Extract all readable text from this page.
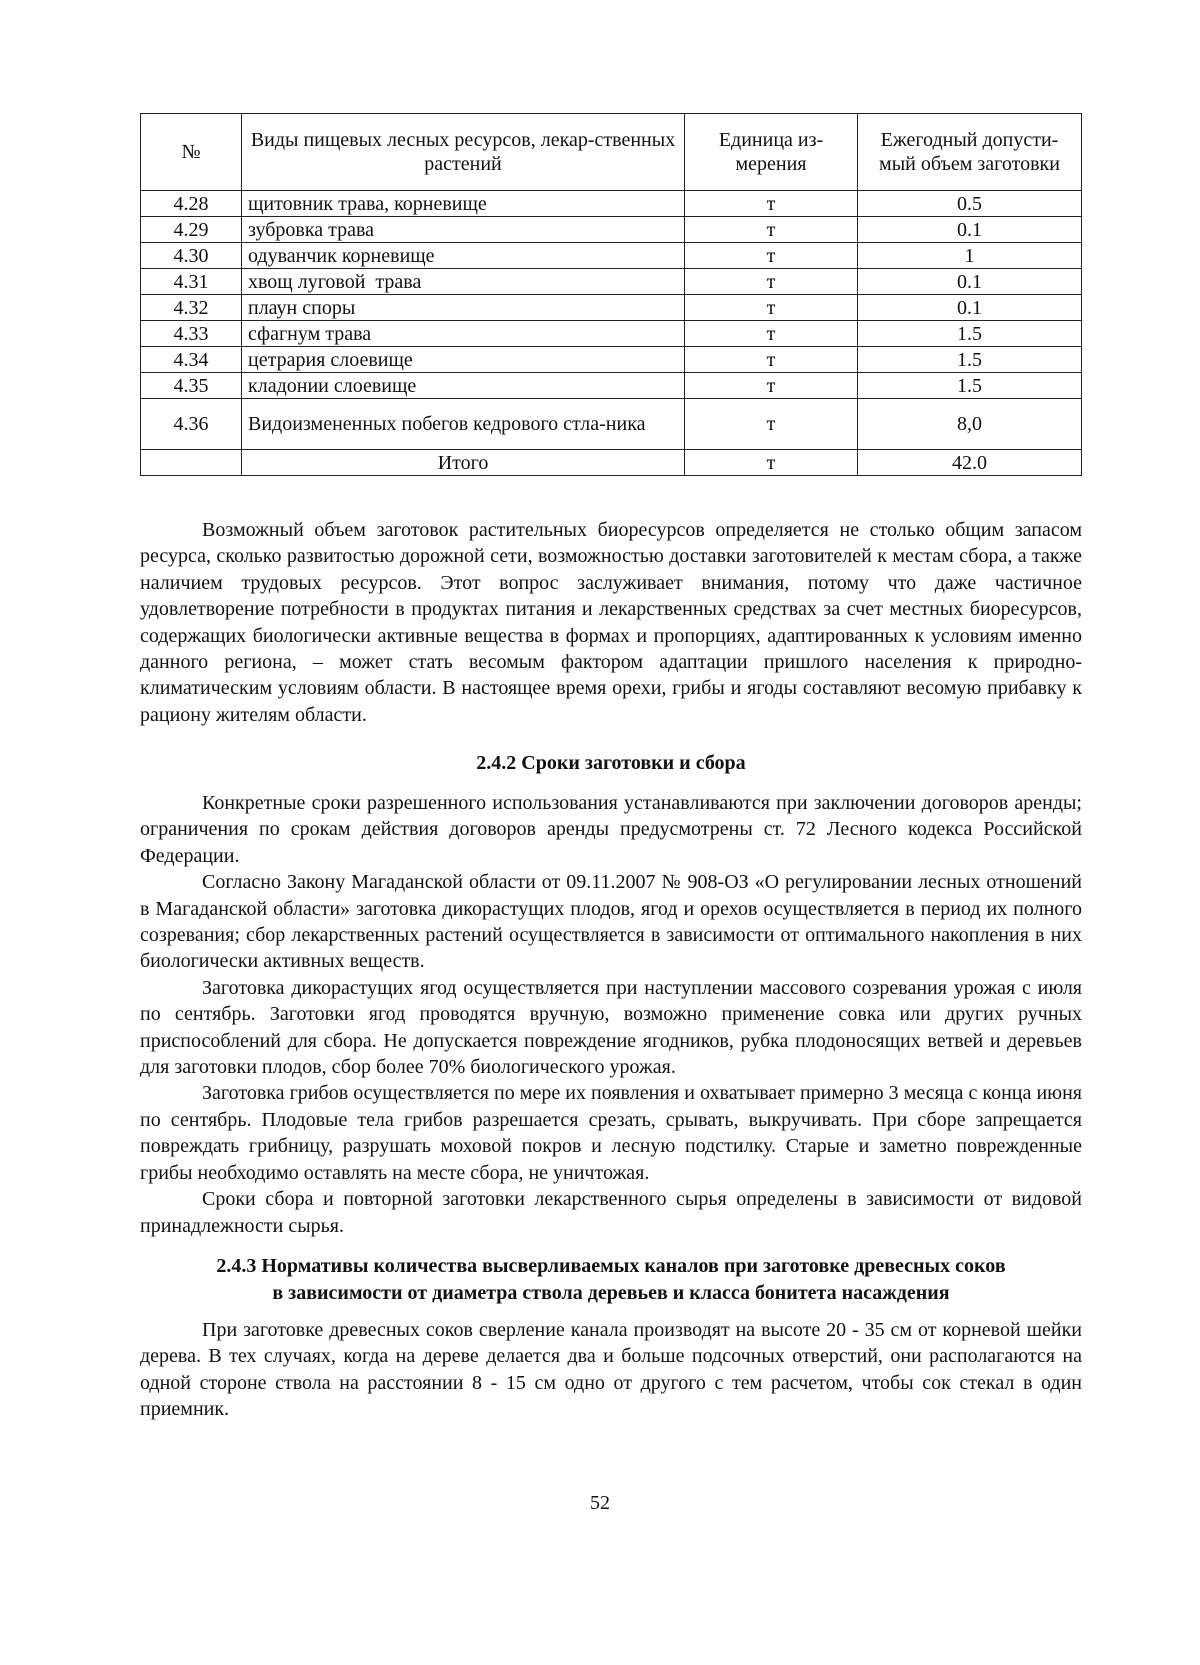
№	Виды пищевых лесных ресурсов, лекар-ственных растений	Единица из-мерения	Ежегодный допусти-мый объем заготовки
4.28	щитовник трава, корневище	т	0.5
4.29	зубровка трава	т	0.1
4.30	одуванчик корневище	т	1
4.31	хвощ луговой  трава	т	0.1
4.32	плаун споры	т	0.1
4.33	сфагнум трава	т	1.5
4.34	цетрария слоевище	т	1.5
4.35	кладонии слоевище	т	1.5
4.36	Видоизмененных побегов кедрового стла-ника	т	8,0
	Итого	т	42.0

Возможный объем заготовок растительных биоресурсов определяется не столько общим запасом ресурса, сколько развитостью дорожной сети, возможностью доставки заготовителей к местам сбора, а также наличием трудовых ресурсов. Этот вопрос заслуживает внимания, потому что даже частичное удовлетворение потребности в продуктах питания и лекарственных средствах за счет местных биоресурсов, содержащих биологически активные вещества в формах и пропорциях, адаптированных к условиям именно данного региона, – может стать весомым фактором адаптации пришлого населения к природно-климатическим условиям области. В настоящее время орехи, грибы и ягоды составляют весомую прибавку к рациону жителям области.

2.4.2 Сроки заготовки и сбора

Конкретные сроки разрешенного использования устанавливаются при заключении договоров аренды; ограничения по срокам действия договоров аренды предусмотрены ст. 72 Лесного кодекса Российской Федерации.

Согласно Закону Магаданской области от 09.11.2007 № 908-ОЗ «О регулировании лесных отношений в Магаданской области» заготовка дикорастущих плодов, ягод и орехов осуществляется в период их полного созревания; сбор лекарственных растений осуществляется в зависимости от оптимального накопления в них биологически активных веществ.

Заготовка дикорастущих ягод осуществляется при наступлении массового созревания урожая с июля по сентябрь. Заготовки ягод проводятся вручную, возможно применение совка или других ручных приспособлений для сбора. Не допускается повреждение ягодников, рубка плодоносящих ветвей и деревьев для заготовки плодов, сбор более 70% биологического урожая.

Заготовка грибов осуществляется по мере их появления и охватывает примерно 3 месяца с конца июня по сентябрь. Плодовые тела грибов разрешается срезать, срывать, выкручивать. При сборе запрещается повреждать грибницу, разрушать моховой покров и лесную подстилку. Старые и заметно поврежденные грибы необходимо оставлять на месте сбора, не уничтожая.

Сроки сбора и повторной заготовки лекарственного сырья определены в зависимости от видовой принадлежности сырья.

2.4.3 Нормативы количества высверливаемых каналов при заготовке древесных соков
в зависимости от диаметра ствола деревьев и класса бонитета насаждения

При заготовке древесных соков сверление канала производят на высоте 20 - 35 см от корневой шейки дерева. В тех случаях, когда на дереве делается два и больше подсочных отверстий, они располагаются на одной стороне ствола на расстоянии 8 - 15 см одно от другого с тем расчетом, чтобы сок стекал в один приемник.

52
